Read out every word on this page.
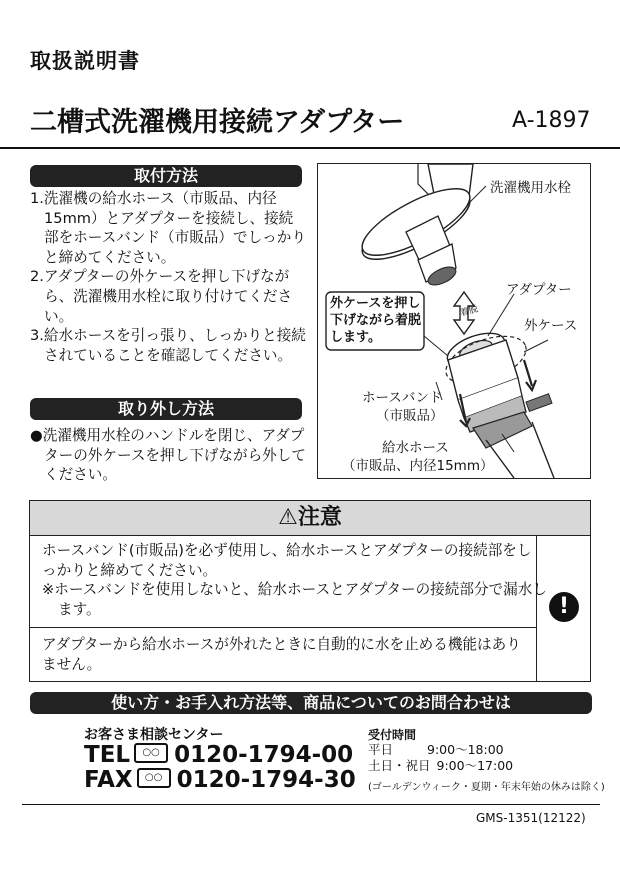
取扱説明書
二槽式洗濯機用接続アダプター	A-1897
取付方法

1.洗濯機の給水ホース（市販品、内径15mm）とアダプターを接続し、接続部をホースバンド（市販品）でしっかりと締めてください。

2.アダプターの外ケースを押し下げながら、洗濯機用水栓に取り付けてください。

3.給水ホースを引っ張り、しっかりと接続されていることを確認してください。

取り外し方法

●洗濯機用水栓のハンドルを閉じ、アダプターの外ケースを押し下げながら外してください。

着脱
洗濯機用水栓
アダプター
外ケース
外ケースを押し下げながら着脱します。
ホースバンド
（市販品）
給水ホース
（市販品、内径15mm）
⚠注意
ホースバンド(市販品)を必ず使用し、給水ホースとアダプターの接続部をしっかりと締めてください。
※ホースバンドを使用しないと、給水ホースとアダプターの接続部分で漏水します。
アダプターから給水ホースが外れたときに自動的に水を止める機能はありません。
!
使い方・お手入れ方法等、商品についてのお問合わせは
お客さま相談センター
TEL ○○ 0120-1794-00
FAX ○○ 0120-1794-30
受付時間
平日	9:00〜18:00
土日・祝日 9:00〜17:00
(ゴールデンウィーク・夏期・年末年始の休みは除く)
GMS-1351(12122)
